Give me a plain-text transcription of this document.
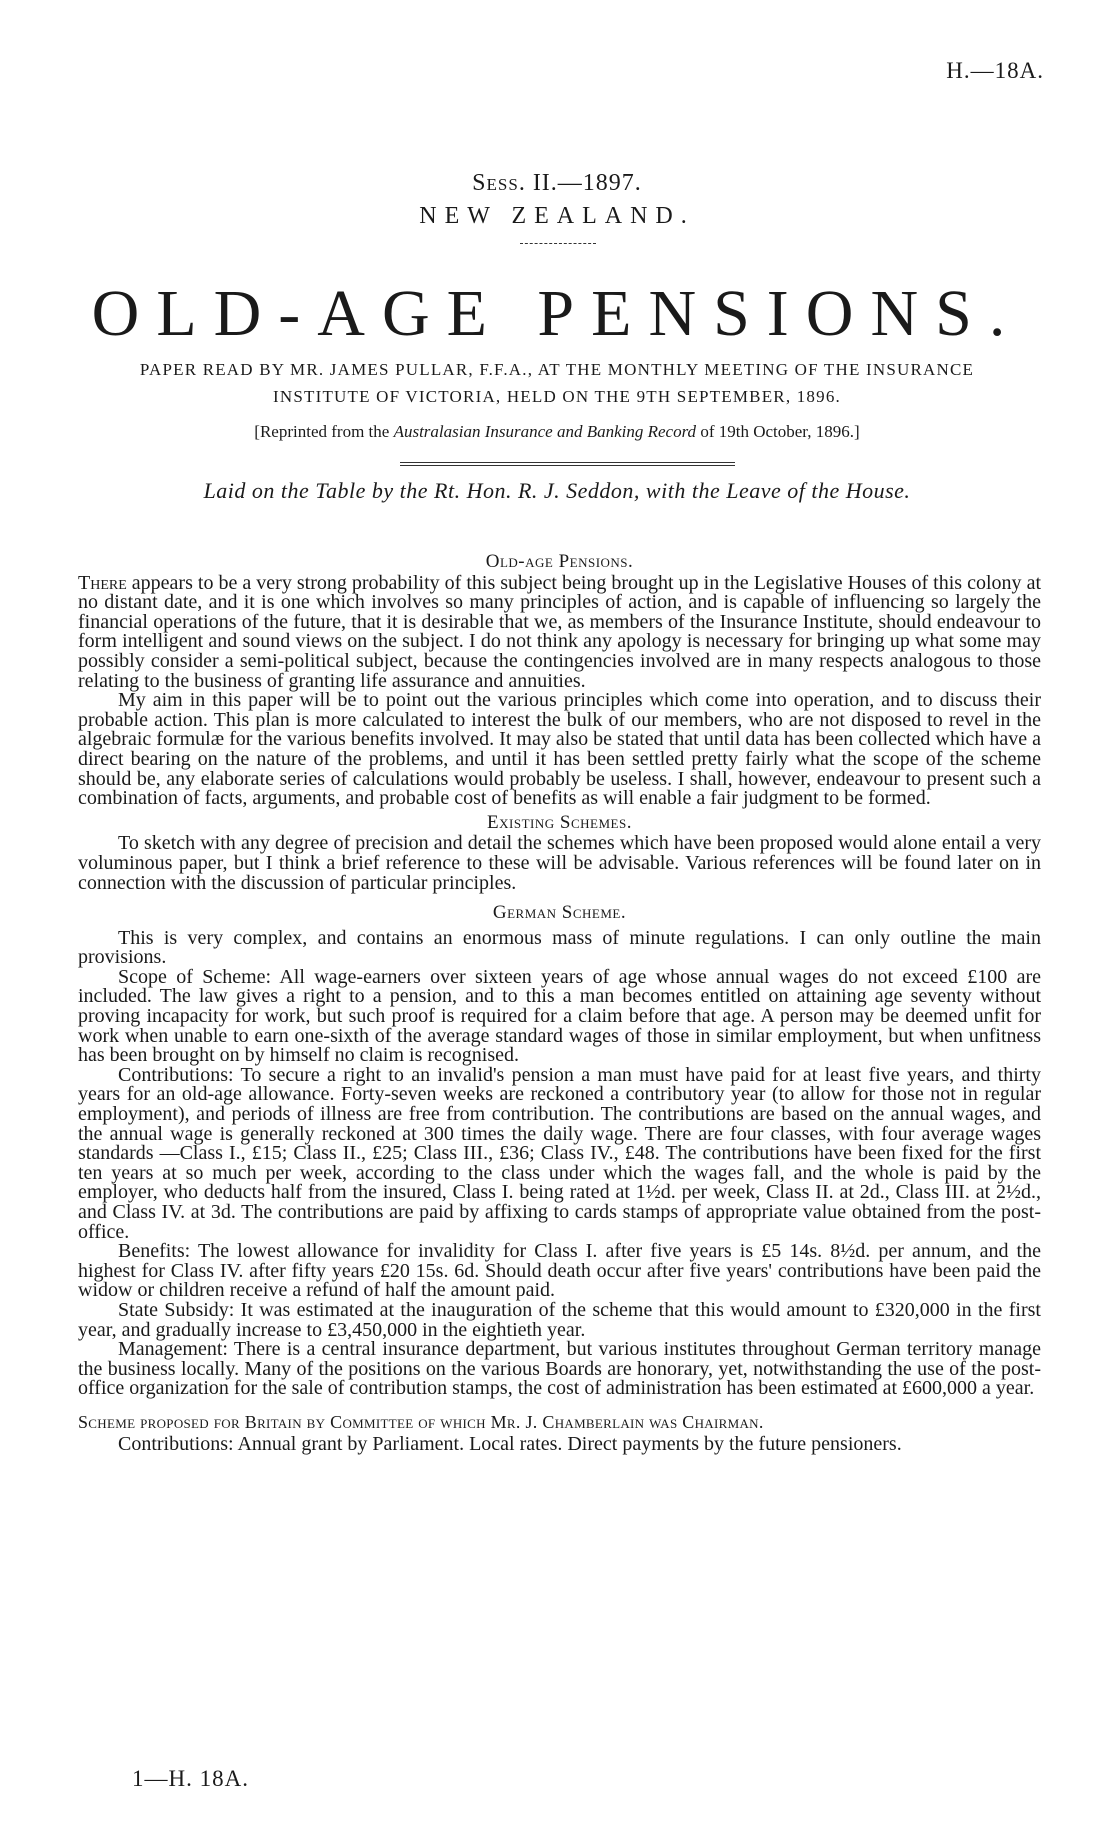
H.—18A.
Sess. II.—1897.
NEW ZEALAND.
OLD-AGE PENSIONS.
PAPER READ BY MR. JAMES PULLAR, F.F.A., AT THE MONTHLY MEETING OF THE INSURANCE
INSTITUTE OF VICTORIA, HELD ON THE 9TH SEPTEMBER, 1896.
[Reprinted from the Australasian Insurance and Banking Record of 19th October, 1896.]
Laid on the Table by the Rt. Hon. R. J. Seddon, with the Leave of the House.
Old-age Pensions.

There appears to be a very strong probability of this subject being brought up in the Legislative Houses of this colony at no distant date, and it is one which involves so many principles of action, and is capable of influencing so largely the financial operations of the future, that it is desirable that we, as members of the Insurance Institute, should endeavour to form intelligent and sound views on the subject. I do not think any apology is necessary for bringing up what some may possibly consider a semi-political subject, because the contingencies involved are in many respects analogous to those relating to the business of granting life assurance and annuities.

My aim in this paper will be to point out the various principles which come into operation, and to discuss their probable action. This plan is more calculated to interest the bulk of our members, who are not disposed to revel in the algebraic formulæ for the various benefits involved. It may also be stated that until data has been collected which have a direct bearing on the nature of the problems, and until it has been settled pretty fairly what the scope of the scheme should be, any elaborate series of calculations would probably be useless. I shall, however, endeavour to present such a combination of facts, arguments, and probable cost of benefits as will enable a fair judgment to be formed.

Existing Schemes.

To sketch with any degree of precision and detail the schemes which have been proposed would alone entail a very voluminous paper, but I think a brief reference to these will be advisable. Various references will be found later on in connection with the discussion of particular principles.

German Scheme.

This is very complex, and contains an enormous mass of minute regulations. I can only outline the main provisions.

Scope of Scheme: All wage-earners over sixteen years of age whose annual wages do not exceed £100 are included. The law gives a right to a pension, and to this a man becomes entitled on attaining age seventy without proving incapacity for work, but such proof is required for a claim before that age. A person may be deemed unfit for work when unable to earn one-sixth of the average standard wages of those in similar employment, but when unfitness has been brought on by himself no claim is recognised.

Contributions: To secure a right to an invalid's pension a man must have paid for at least five years, and thirty years for an old-age allowance. Forty-seven weeks are reckoned a contributory year (to allow for those not in regular employment), and periods of illness are free from contribution. The contributions are based on the annual wages, and the annual wage is generally reckoned at 300 times the daily wage. There are four classes, with four average wages standards —Class I., £15; Class II., £25; Class III., £36; Class IV., £48. The contributions have been fixed for the first ten years at so much per week, according to the class under which the wages fall, and the whole is paid by the employer, who deducts half from the insured, Class I. being rated at 1½d. per week, Class II. at 2d., Class III. at 2½d., and Class IV. at 3d. The contributions are paid by affixing to cards stamps of appropriate value obtained from the post-office.

Benefits: The lowest allowance for invalidity for Class I. after five years is £5 14s. 8½d. per annum, and the highest for Class IV. after fifty years £20 15s. 6d. Should death occur after five years' contributions have been paid the widow or children receive a refund of half the amount paid.

State Subsidy: It was estimated at the inauguration of the scheme that this would amount to £320,000 in the first year, and gradually increase to £3,450,000 in the eightieth year.

Management: There is a central insurance department, but various institutes throughout German territory manage the business locally. Many of the positions on the various Boards are honorary, yet, notwithstanding the use of the post-office organization for the sale of contribution stamps, the cost of administration has been estimated at £600,000 a year.

Scheme proposed for Britain by Committee of which Mr. J. Chamberlain was Chairman.

Contributions: Annual grant by Parliament. Local rates. Direct payments by the future pensioners.

1—H. 18A.
